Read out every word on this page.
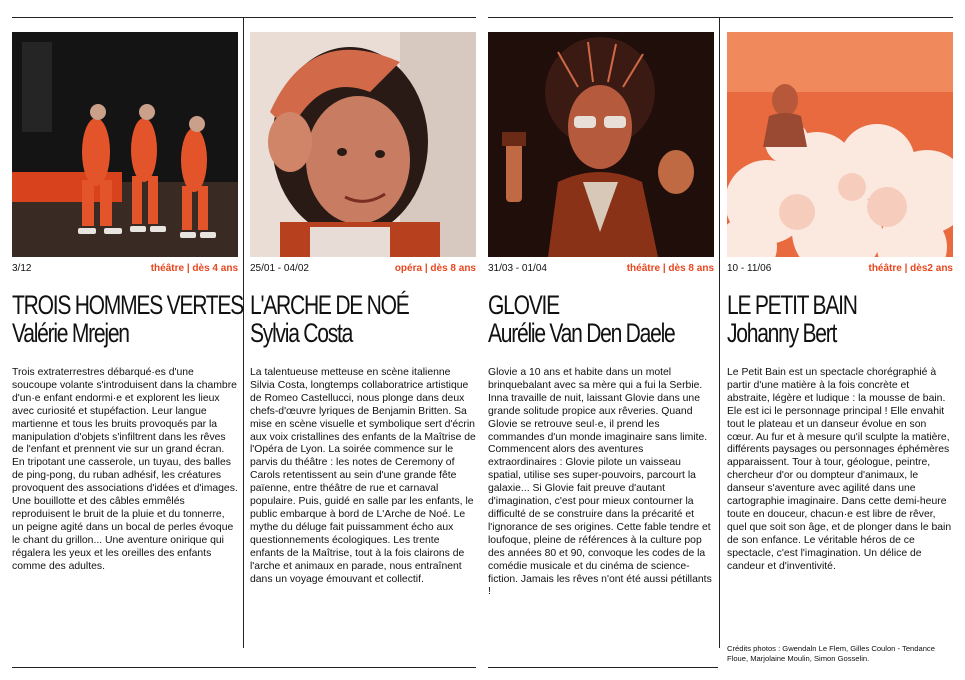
3/12	théâtre | dès 4 ans
TROIS HOMMES VERTES
Valérie Mrejen

Trois extraterrestres débarqué·es d'une soucoupe volante s'introduisent dans la chambre d'un·e enfant endormi·e et explorent les lieux avec curiosité et stupéfaction. Leur langue martienne et tous les bruits provoqués par la manipulation d'objets s'infiltrent dans les rêves de l'enfant et prennent vie sur un grand écran. En tripotant une casserole, un tuyau, des balles de ping-pong, du ruban adhésif, les créatures provoquent des associations d'idées et d'images. Une bouillotte et des câbles emmêlés reproduisent le bruit de la pluie et du tonnerre, un peigne agité dans un bocal de perles évoque le chant du grillon... Une aventure onirique qui régalera les yeux et les oreilles des enfants comme des adultes.

25/01 - 04/02	opéra | dès 8 ans
L'ARCHE DE NOÉ
Sylvia Costa

La talentueuse metteuse en scène italienne Silvia Costa, longtemps collaboratrice artistique de Romeo Castellucci, nous plonge dans deux chefs-d'œuvre lyriques de Benjamin Britten. Sa mise en scène visuelle et symbolique sert d'écrin aux voix cristallines des enfants de la Maîtrise de l'Opéra de Lyon. La soirée commence sur le parvis du théâtre : les notes de Ceremony of Carols retentissent au sein d'une grande fête païenne, entre théâtre de rue et carnaval populaire. Puis, guidé en salle par les enfants, le public embarque à bord de L'Arche de Noé. Le mythe du déluge fait puissamment écho aux questionnements écologiques. Les trente enfants de la Maîtrise, tout à la fois clairons de l'arche et animaux en parade, nous entraînent dans un voyage émouvant et collectif.

31/03 - 01/04	théâtre | dès 8 ans
GLOVIE
Aurélie Van Den Daele

Glovie a 10 ans et habite dans un motel brinquebalant avec sa mère qui a fui la Serbie. Inna travaille de nuit, laissant Glovie dans une grande solitude propice aux rêveries. Quand Glovie se retrouve seul·e, il prend les commandes d'un monde imaginaire sans limite. Commencent alors des aventures extraordinaires : Glovie pilote un vaisseau spatial, utilise ses super-pouvoirs, parcourt la galaxie... Si Glovie fait preuve d'autant d'imagination, c'est pour mieux contourner la difficulté de se construire dans la précarité et l'ignorance de ses origines. Cette fable tendre et loufoque, pleine de références à la culture pop des années 80 et 90, convoque les codes de la comédie musicale et du cinéma de science-fiction. Jamais les rêves n'ont été aussi pétillants !

10 - 11/06	théâtre | dès2 ans
LE PETIT BAIN
Johanny Bert

Le Petit Bain est un spectacle chorégraphié à partir d'une matière à la fois concrète et abstraite, légère et ludique : la mousse de bain. Ele est ici le personnage principal ! Elle envahit tout le plateau et un danseur évolue en son cœur. Au fur et à mesure qu'il sculpte la matière, différents paysages ou personnages éphémères apparaissent. Tour à tour, géologue, peintre, chercheur d'or ou dompteur d'animaux, le danseur s'aventure avec agilité dans une cartographie imaginaire. Dans cette demi-heure toute en douceur, chacun·e est libre de rêver, quel que soit son âge, et de plonger dans le bain de son enfance. Le véritable héros de ce spectacle, c'est l'imagination. Un délice de candeur et d'inventivité.

Crédits photos : Gwendaln Le Flem, Gilles Coulon - Tendance Floue, Marjolaine Moulin, Simon Gosselin.
